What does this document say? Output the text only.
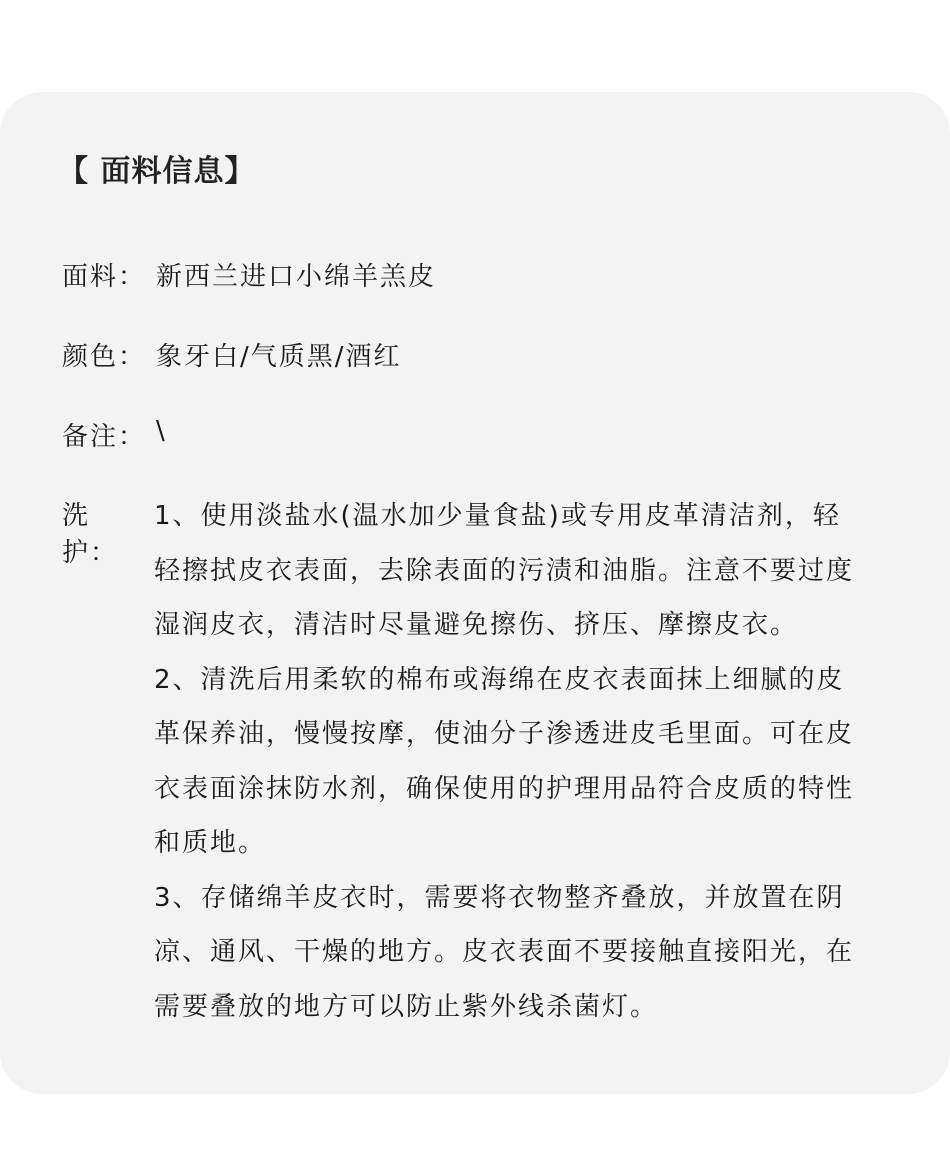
【 面料信息】
面料： 新西兰进口小绵羊羔皮
颜色： 象牙白/气质黑/酒红
备注： \
洗护：
1、使用淡盐水(温水加少量食盐)或专用皮革清洁剂，轻
轻擦拭皮衣表面，去除表面的污渍和油脂。注意不要过度
湿润皮衣，清洁时尽量避免擦伤、挤压、摩擦皮衣。
2、清洗后用柔软的棉布或海绵在皮衣表面抹上细腻的皮
革保养油，慢慢按摩，使油分子渗透进皮毛里面。可在皮
衣表面涂抹防水剂，确保使用的护理用品符合皮质的特性
和质地。
3、存储绵羊皮衣时，需要将衣物整齐叠放，并放置在阴
凉、通风、干燥的地方。皮衣表面不要接触直接阳光，在
需要叠放的地方可以防止紫外线杀菌灯。
